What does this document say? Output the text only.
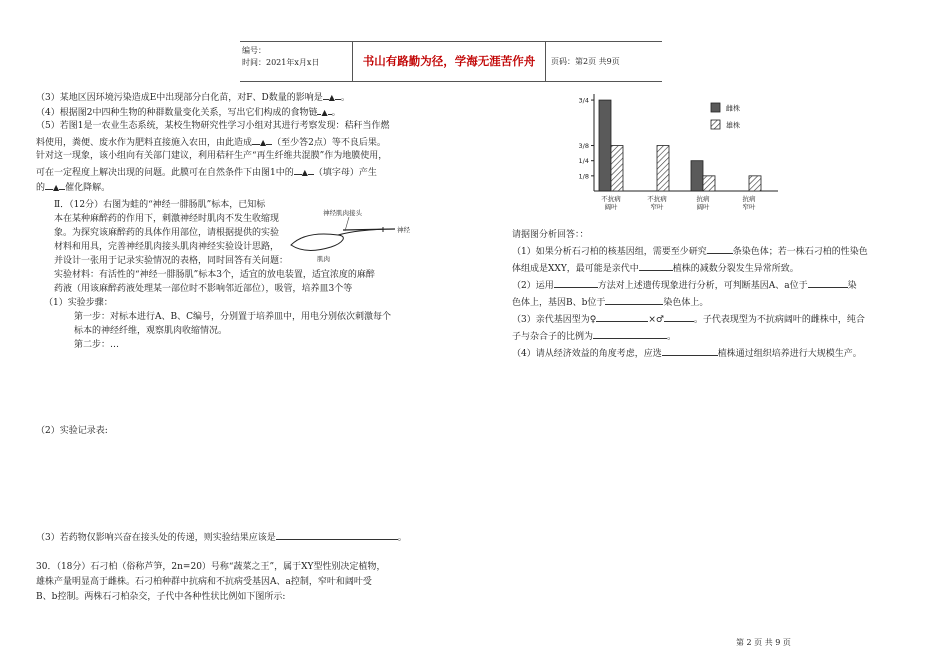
编号：
时间：2021年x月x日	书山有路勤为径，学海无涯苦作舟	页码：第2页 共9页
（3）某地区因环境污染造成E中出现部分白化苗，对F、D数量的影响是 ▲ 。
（4）根据图2中四种生物的种群数量变化关系，写出它们构成的食物链 ▲ 。
（5）若图1是一农业生态系统，某校生物研究性学习小组对其进行考察发现：秸秆当作燃
料使用，粪便、废水作为肥料直接施入农田，由此造成 ▲ （至少答2点）等不良后果。
针对这一现象，该小组向有关部门建议，利用秸秆生产“再生纤维共混膜”作为地膜使用，
可在一定程度上解决出现的问题。此膜可在自然条件下由图1中的 ▲ （填字母）产生
的 ▲ 催化降解。
Ⅱ．（12分）右图为蛙的“神经一腓肠肌”标本，已知标
本在某种麻醉药的作用下，刺激神经时肌肉不发生收缩现
象。为探究该麻醉药的具体作用部位，请根据提供的实验
材料和用具，完善神经肌肉接头肌肉神经实验设计思路，
并设计一张用于记录实验情况的表格，同时回答有关问题：
实验材料：有活性的“神经一腓肠肌”标本3个，适宜的放电装置，适宜浓度的麻醉
药液（用该麻醉药液处理某一部位时不影响邻近部位），吸管，培养皿3个等
（1）实验步骤：
第一步：对标本进行A、B、C编号，分别置于培养皿中，用电分别依次刺激每个
标本的神经纤维，观察肌肉收缩情况。
第二步：…
神经肌肉接头
神经
肌肉
（2）实验记录表:
（3）若药物仅影响兴奋在接头处的传递，则实验结果应该是	。
30．（18分）石刁柏（俗称芦笋，2n=20）号称“蔬菜之王”，属于XY型性别决定植物，
雄株产量明显高于雌株。石刁柏种群中抗病和不抗病受基因A、a控制，窄叶和阔叶受
B、b控制。两株石刁柏杂交，子代中各种性状比例如下图所示:
3/4
3/8
1/4
1/8
不抗病
阔叶
不抗病
窄叶
抗病
阔叶
抗病
窄叶
雌株
雄株
请据图分析回答：：
（1）如果分析石刁柏的核基因组，需要至少研究	条染色体；若一株石刁柏的性染色
体组成是XXY，最可能是亲代中	植株的减数分裂发生异常所致。
（2）运用	方法对上述遗传现象进行分析，可判断基因A、a位于	染
色体上，基因B、b位于	染色体上。
（3）亲代基因型为♀	×♂	。子代表现型为不抗病阔叶的雌株中，纯合
子与杂合子的比例为	。
（4）请从经济效益的角度考虑，应选	植株通过组织培养进行大规模生产。
第 2 页 共 9 页
